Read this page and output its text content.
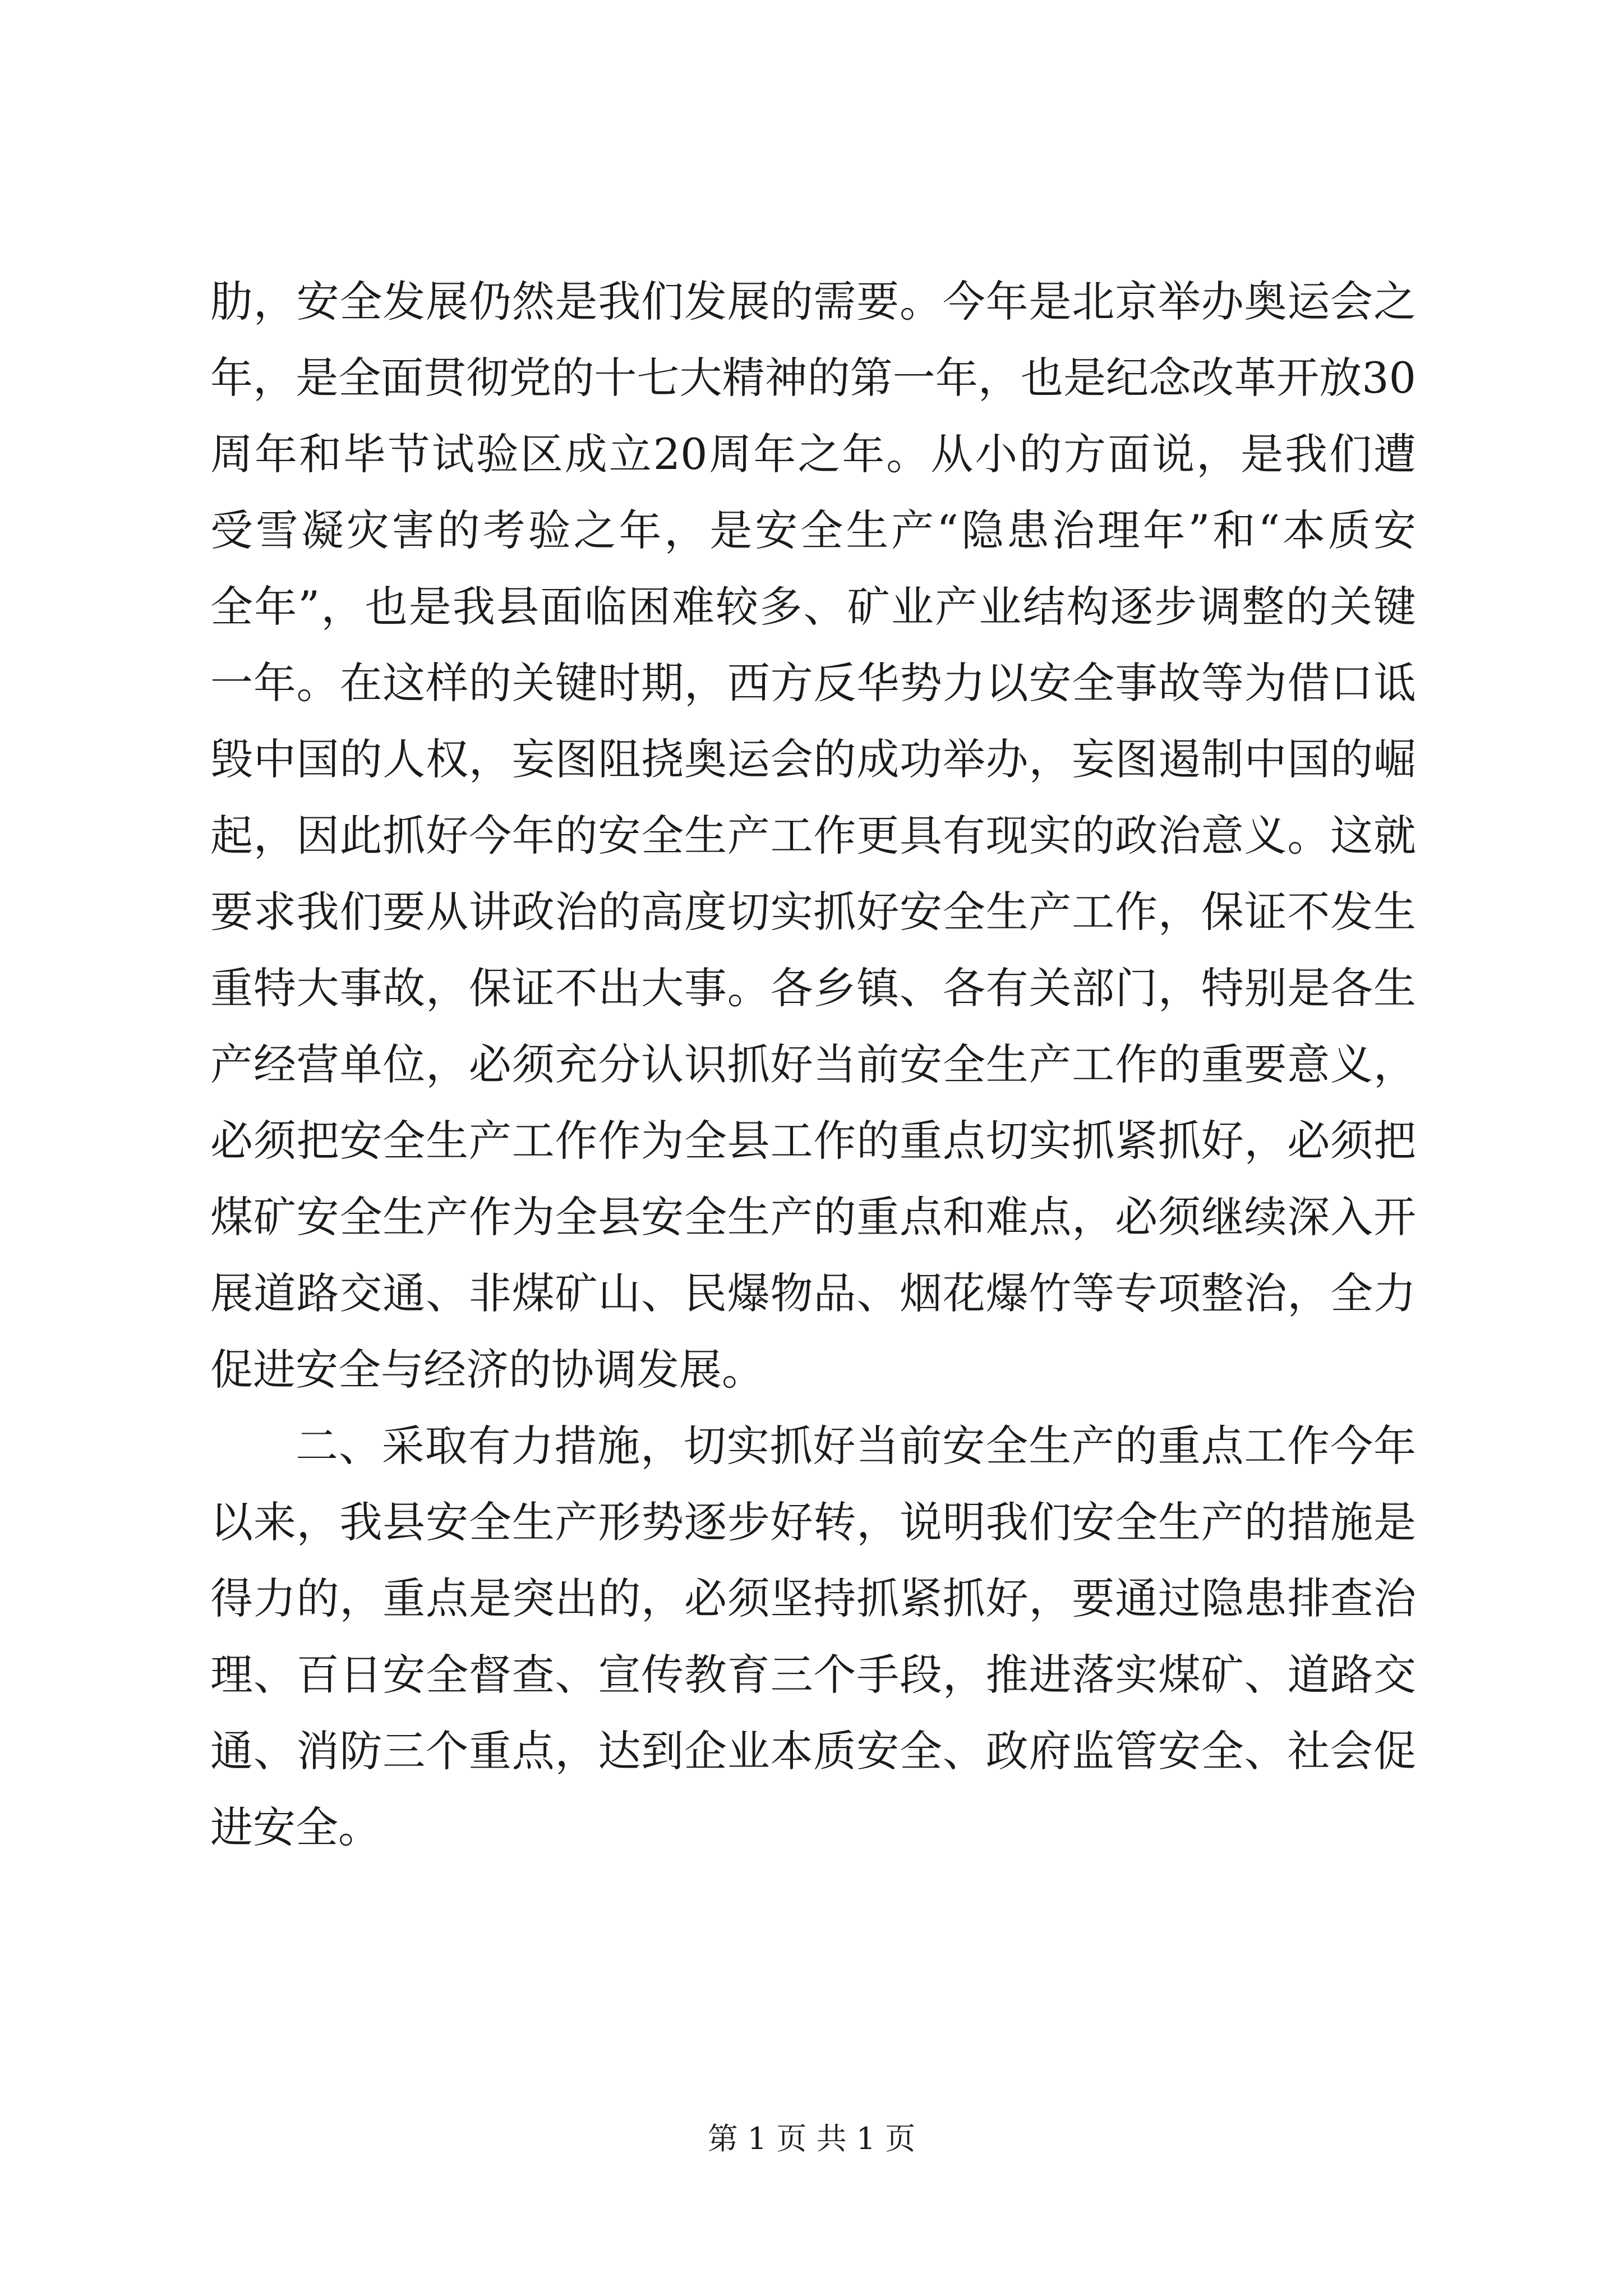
肋，安全发展仍然是我们发展的需要。今年是北京举办奥运会之
年，是全面贯彻党的十七大精神的第一年，也是纪念改革开放30
周年和毕节试验区成立20周年之年。从小的方面说，是我们遭
受雪凝灾害的考验之年，是安全生产“隐患治理年”和“本质安
全年”，也是我县面临困难较多、矿业产业结构逐步调整的关键
一年。在这样的关键时期，西方反华势力以安全事故等为借口诋
毁中国的人权，妄图阻挠奥运会的成功举办，妄图遏制中国的崛
起，因此抓好今年的安全生产工作更具有现实的政治意义。这就
要求我们要从讲政治的高度切实抓好安全生产工作，保证不发生
重特大事故，保证不出大事。各乡镇、各有关部门，特别是各生
产经营单位，必须充分认识抓好当前安全生产工作的重要意义，
必须把安全生产工作作为全县工作的重点切实抓紧抓好，必须把
煤矿安全生产作为全县安全生产的重点和难点，必须继续深入开
展道路交通、非煤矿山、民爆物品、烟花爆竹等专项整治，全力
促进安全与经济的协调发展。
二、采取有力措施，切实抓好当前安全生产的重点工作今年
以来，我县安全生产形势逐步好转，说明我们安全生产的措施是
得力的，重点是突出的，必须坚持抓紧抓好，要通过隐患排查治
理、百日安全督查、宣传教育三个手段，推进落实煤矿、道路交
通、消防三个重点，达到企业本质安全、政府监管安全、社会促
进安全。
第 1 页 共 1 页
